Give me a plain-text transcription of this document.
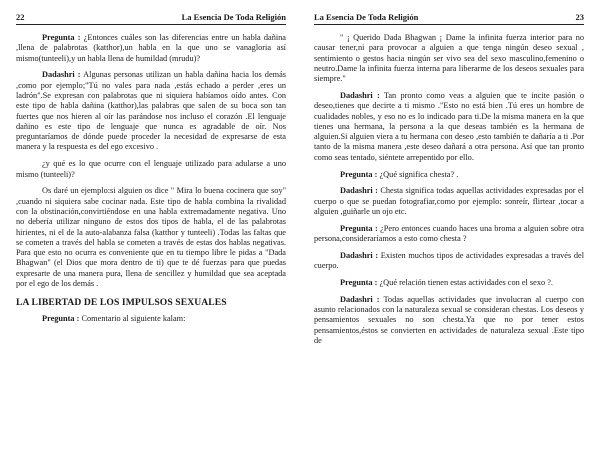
22	La Esencia De Toda Religión

Pregunta : ¿Entonces cuáles son las diferencias entre un habla dañina ,llena de palabrotas (katthor),un habla en la que uno se vanagloria así mismo(tunteeli),y un habla llena de humildad (mrudu)?

Dadashri : Algunas personas utilizan un habla dañina hacia los demás ,como por ejemplo;"Tú no vales para nada ,estás echado a perder ,eres un ladrón".Se expresan con palabrotas que ni siquiera habíamos oído antes. Con este tipo de habla dañina (katthor),las palabras que salen de su boca son tan fuertes que nos hieren al oír las parándose nos incluso el corazón .El lenguaje dañino es este tipo de lenguaje que nunca es agradable de oír. Nos preguntaríamos de dónde puede proceder la necesidad de expresarse de esta manera y la respuesta es del ego excesivo .

¿y qué es lo que ocurre con el lenguaje utilizado para adularse a uno mismo (tunteeli)?

Os daré un ejemplo:si alguien os dice " Mira lo buena cocinera que soy" ,cuando ni siquiera sabe cocinar nada. Este tipo de habla combina la rivalidad con la obstinación,convirtiéndose en una habla extremadamente negativa. Uno no debería utilizar ninguno de estos dos tipos de habla, el de las palabrotas hirientes, ni el de la auto-alabanza falsa (katthor y tunteeli) .Todas las faltas que se cometen a través del habla se cometen a través de estas dos hablas negativas. Para que esto no ocurra es conveniente que en tu tiempo libre le pidas a "Dada Bhagwan" (el Dios que mora dentro de ti) que te dé fuerzas para que puedas expresarte de una manera pura, llena de sencillez y humildad que sea aceptada por el ego de los demás .

LA LIBERTAD DE LOS IMPULSOS SEXUALES

Pregunta : Comentario al siguiente kalam:

La Esencia De Toda Religión	23

" ¡ Querido Dada Bhagwan ¡ Dame la infinita fuerza interior para no causar tener,ni para provocar a alguien a que tenga ningún deseo sexual , sentimiento o gestos hacia ningún ser vivo sea del sexo masculino,femenino o neutro.Dame la infinita fuerza interna para liberarme de los deseos sexuales para siempre."

Dadashri : Tan pronto como veas a alguien que te incite pasión o deseo,tienes que decirte a ti mismo ."Esto no está bien .Tú eres un hombre de cualidades nobles, y eso no es lo indicado para ti.De la misma manera en la que tienes una hermana, la persona a la que deseas también es la hermana de alguien.Si alguien viera a tu hermana con deseo ,esto también te dañaría a ti .Por tanto de la misma manera ,este deseo dañará a otra persona. Así que tan pronto como seas tentado, siéntete arrepentido por ello.

Pregunta : ¿Qué significa chesta? .

Dadashri : Chesta significa todas aquellas actividades expresadas por el cuerpo o que se puedan fotografiar,como por ejemplo: sonreír, flirtear ,tocar a alguien ,guiñarle un ojo etc.

Pregunta : ¿Pero entonces cuando haces una broma a alguien sobre otra persona,consideraríamos a esto como chesta ?

Dadashri : Existen muchos tipos de actividades expresadas a través del cuerpo.

Pregunta : ¿Qué relación tienen estas actividades con el sexo ?.

Dadashri : Todas aquellas actividades que involucran al cuerpo con asunto relacionados con la naturaleza sexual se consideran chestas. Los deseos y pensamientos sexuales no son chesta.Ya que no por tener estos pensamientos,éstos se convierten en actividades de naturaleza sexual .Este tipo de
